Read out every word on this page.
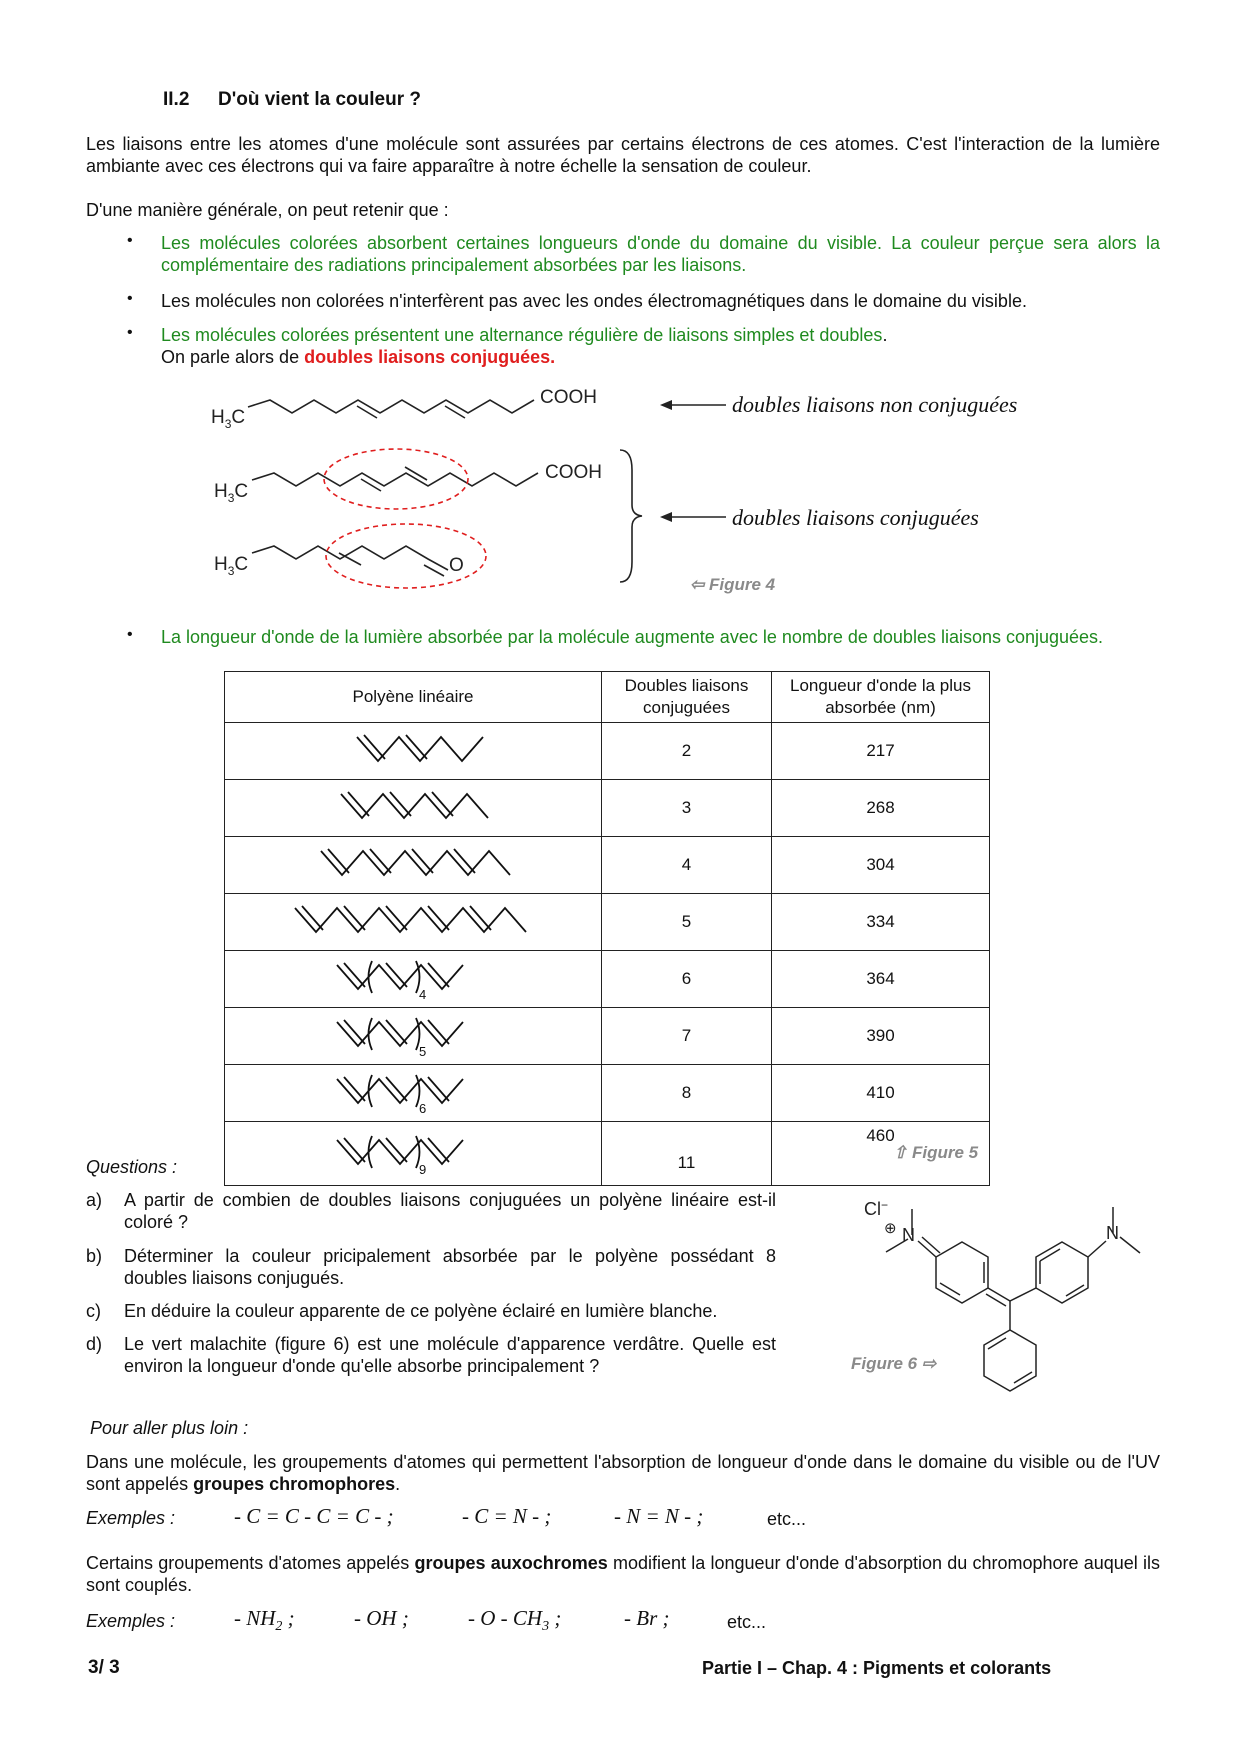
II.2 D'où vient la couleur ?
Les liaisons entre les atomes d'une molécule sont assurées par certains électrons de ces atomes. C'est l'interaction de la lumière ambiante avec ces électrons qui va faire apparaître à notre échelle la sensation de couleur.
D'une manière générale, on peut retenir que :
• Les molécules colorées absorbent certaines longueurs d'onde du domaine du visible. La couleur perçue sera alors la complémentaire des radiations principalement absorbées par les liaisons.
• Les molécules non colorées n'interfèrent pas avec les ondes électromagnétiques dans le domaine du visible.
• Les molécules colorées présentent une alternance régulière de liaisons simples et doubles.
On parle alors de doubles liaisons conjuguées.
$H_3C$
$H_3C$
$H_3C$
COOH
COOH
O
doubles liaisons non conjuguées
doubles liaisons conjuguées
⇦ Figure 4
• La longueur d'onde de la lumière absorbée par la molécule augmente avec le nombre de doubles liaisons conjuguées.
Polyène linéaire	Doubles liaisons conjuguées	Longueur d'onde la plus absorbée (nm)

	2	217
	3	268
	4	304
	5	334

4	6	364

5	7	390

6	8	410

9	11	460
⇧ Figure 5
Questions :
a) A partir de combien de doubles liaisons conjuguées un polyène linéaire est-il coloré ?
b) Déterminer la couleur pricipalement absorbée par le polyène possédant 8 doubles liaisons conjugués.
c) En déduire la couleur apparente de ce polyène éclairé en lumière blanche.
d) Le vert malachite (figure 6) est une molécule d'apparence verdâtre. Quelle est environ la longueur d'onde qu'elle absorbe principalement ?
Cl−
⊕ N	N
Figure 6 ⇨
Pour aller plus loin :
Dans une molécule, les groupements d'atomes qui permettent l'absorption de longueur d'onde dans le domaine du visible ou de l'UV sont appelés groupes chromophores.
Exemples :	- C = C - C = C - ;	- C = N - ;	- N = N - ;	etc...
Certains groupements d'atomes appelés groupes auxochromes modifient la longueur d'onde d'absorption du chromophore auquel ils sont couplés.
Exemples :	- $NH_2$ ;	- OH ;	- O - $CH_3$ ;	- Br ;	etc...
3/ 3	Partie I – Chap. 4 : Pigments et colorants
